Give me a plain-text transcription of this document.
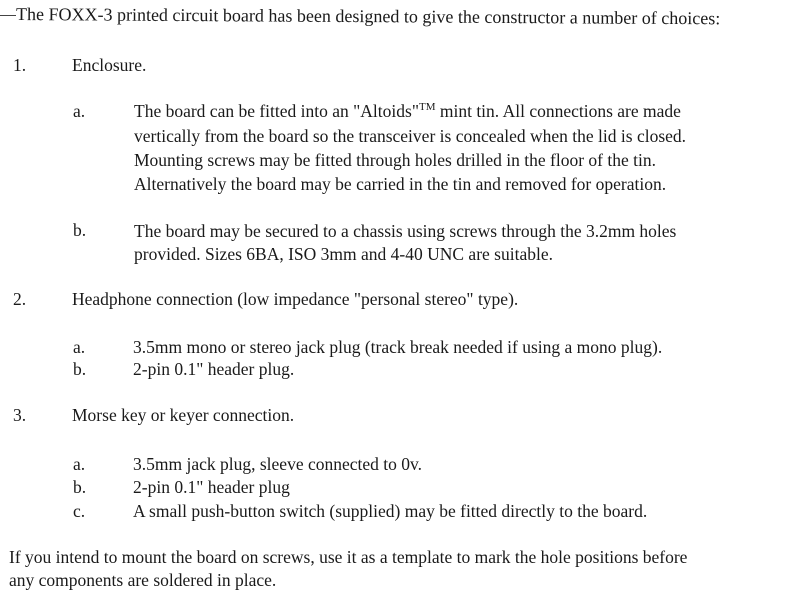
The FOXX-3 printed circuit board has been designed to give the constructor a number of choices:
1.	Enclosure.
a.	The board can be fitted into an "Altoids"™ mint tin. All connections are made
vertically from the board so the transceiver is concealed when the lid is closed.
Mounting screws may be fitted through holes drilled in the floor of the tin.
Alternatively the board may be carried in the tin and removed for operation.
b.	The board may be secured to a chassis using screws through the 3.2mm holes
provided. Sizes 6BA, ISO 3mm and 4-40 UNC are suitable.
2.	Headphone connection (low impedance "personal stereo" type).
a.	3.5mm mono or stereo jack plug (track break needed if using a mono plug).
b.	2-pin 0.1" header plug.
3.	Morse key or keyer connection.
a.	3.5mm jack plug, sleeve connected to 0v.
b.	2-pin 0.1" header plug
c.	A small push-button switch (supplied) may be fitted directly to the board.
If you intend to mount the board on screws, use it as a template to mark the hole positions before
any components are soldered in place.
